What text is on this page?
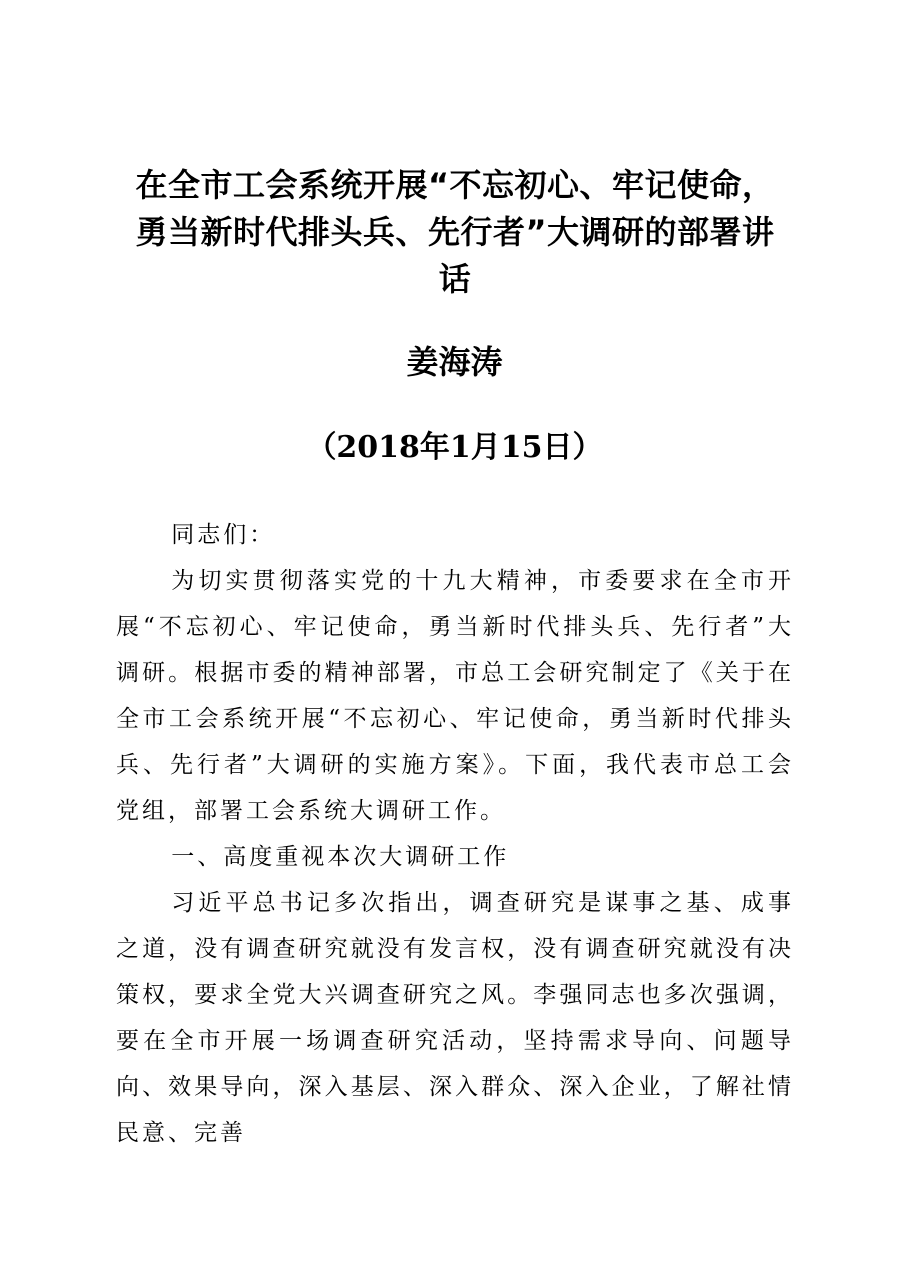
在全市工会系统开展“不忘初心、牢记使命，
勇当新时代排头兵、先行者”大调研的部署讲
话
姜海涛
（2018年1月15日）

同志们：

为切实贯彻落实党的十九大精神，市委要求在全市开展“不忘初心、牢记使命，勇当新时代排头兵、先行者”大调研。根据市委的精神部署，市总工会研究制定了《关于在全市工会系统开展“不忘初心、牢记使命，勇当新时代排头兵、先行者”大调研的实施方案》。下面，我代表市总工会党组，部署工会系统大调研工作。

一、高度重视本次大调研工作

习近平总书记多次指出，调查研究是谋事之基、成事之道，没有调查研究就没有发言权，没有调查研究就没有决策权，要求全党大兴调查研究之风。李强同志也多次强调，要在全市开展一场调查研究活动，坚持需求导向、问题导向、效果导向，深入基层、深入群众、深入企业，了解社情民意、完善
